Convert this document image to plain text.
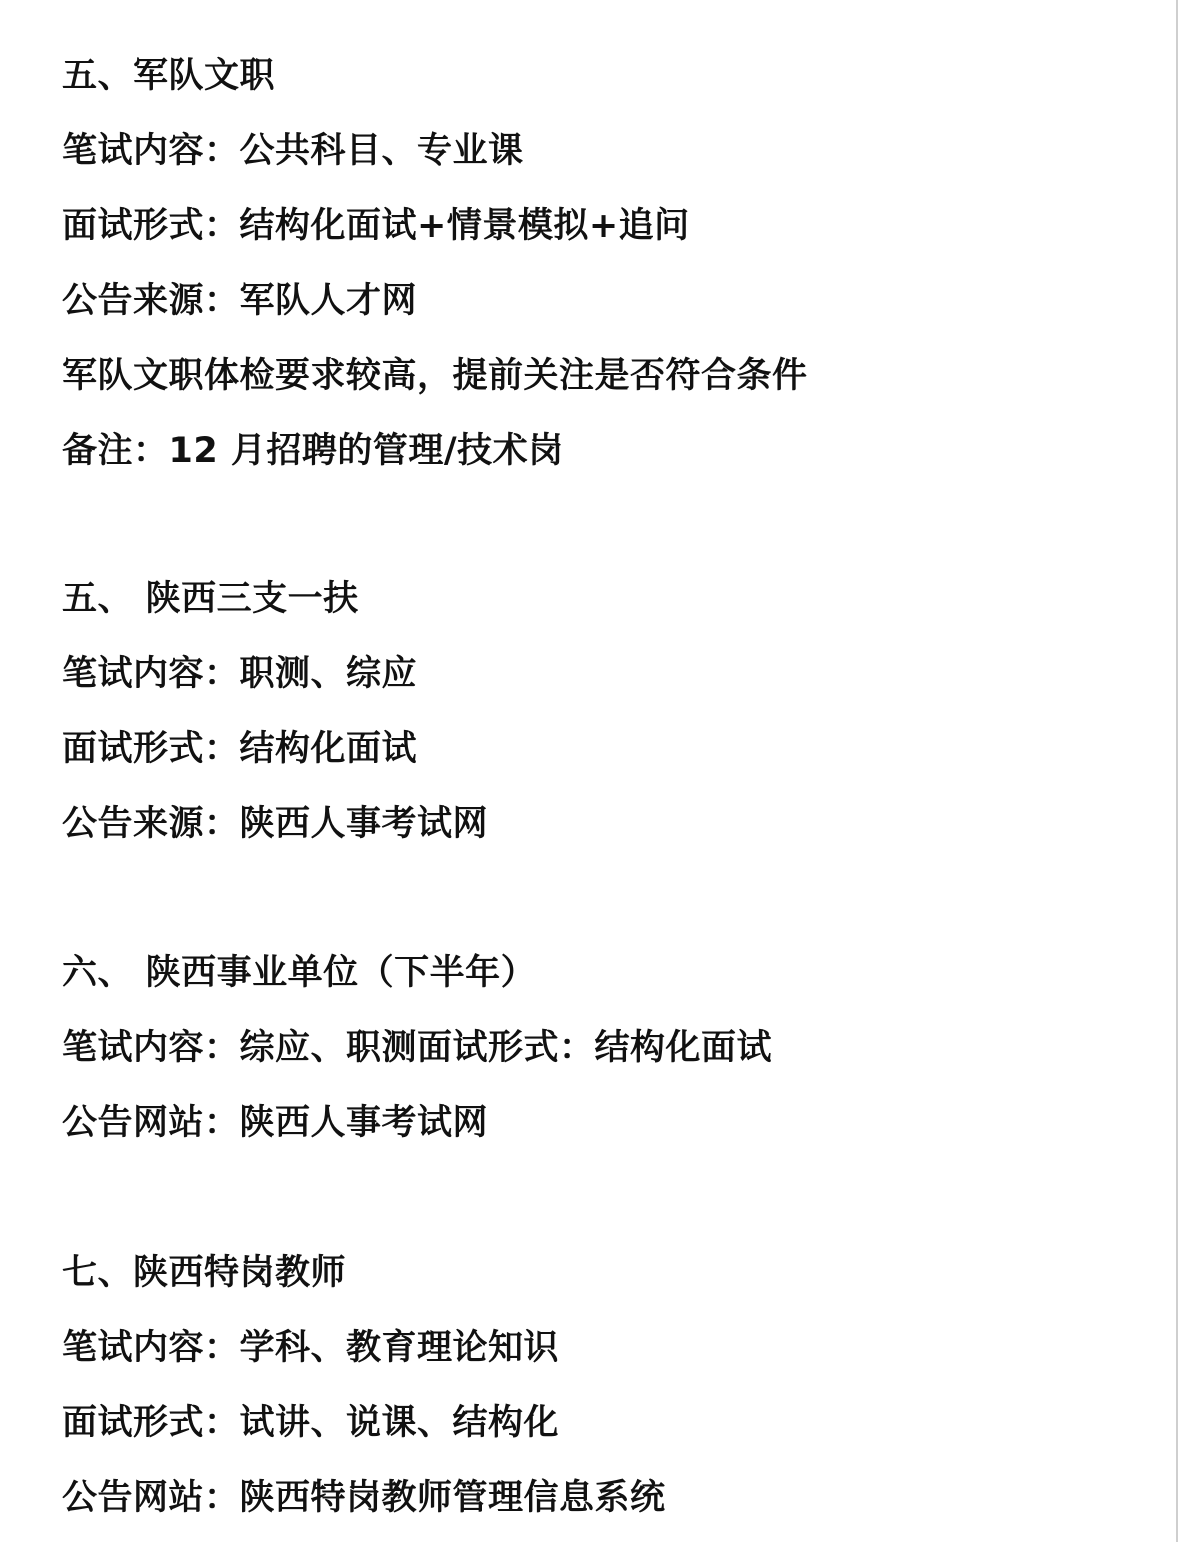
五、军队文职
笔试内容：公共科目、专业课
面试形式：结构化面试+情景模拟+追问
公告来源：军队人才网
军队文职体检要求较高，提前关注是否符合条件
备注：12 月招聘的管理/技术岗
五、 陕西三支一扶
笔试内容：职测、综应
面试形式：结构化面试
公告来源：陕西人事考试网
六、 陕西事业单位（下半年）
笔试内容：综应、职测面试形式：结构化面试
公告网站：陕西人事考试网
七、陕西特岗教师
笔试内容：学科、教育理论知识
面试形式：试讲、说课、结构化
公告网站：陕西特岗教师管理信息系统
